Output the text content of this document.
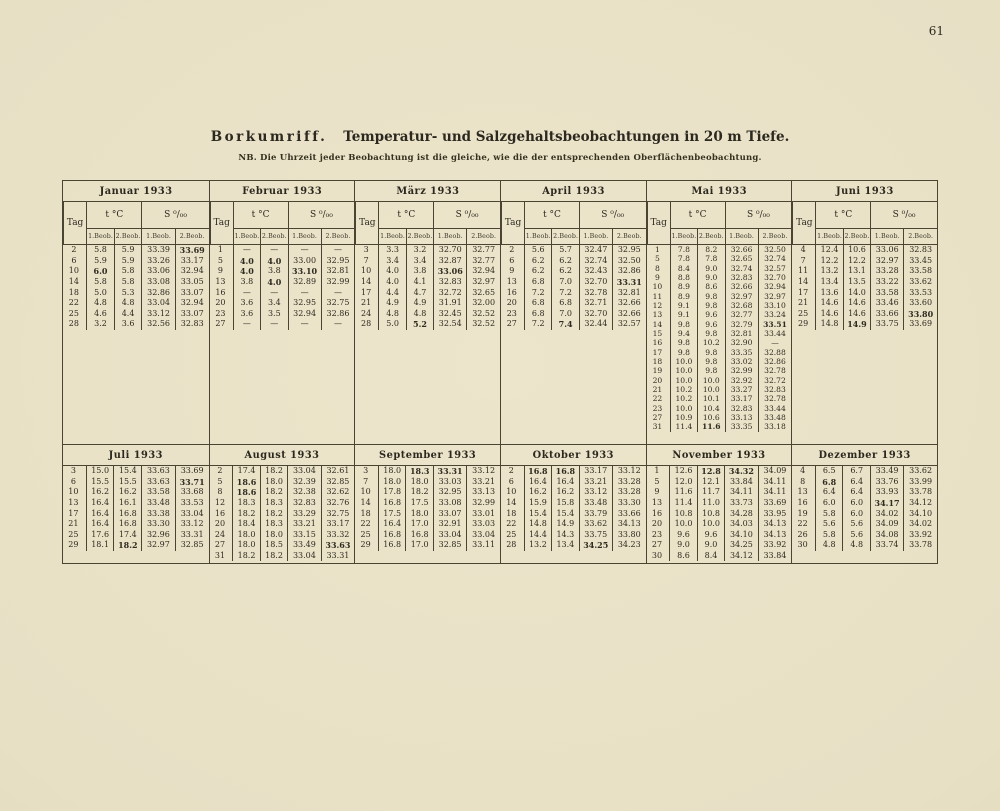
61
Borkumriff. Temperatur- und Salzgehaltsbeobachtungen in 20 m Tiefe.
NB. Die Uhrzeit jeder Beobachtung ist die gleiche, wie die der entsprechenden Oberflächenbeobachtung.
Januar 1933				
Tag	t °C		S ⁰/₀₀	
	1.Beob.	2.Beob.	1.Beob.	2.Beob.
2	5.8	5.9	33.39	33.69
6	5.9	5.9	33.26	33.17
10	6.0	5.8	33.06	32.94
14	5.8	5.8	33.08	33.05
18	5.0	5.3	32.86	33.07
22	4.8	4.8	33.04	32.94
25	4.6	4.4	33.12	33.07
28	3.2	3.6	32.56	32.83
Februar 1933				
Tag	t °C		S ⁰/₀₀	
	1.Beob.	2.Beob.	1.Beob.	2.Beob.
1	—	—	—	—
5	4.0	4.0	33.00	32.95
9	4.0	3.8	33.10	32.81
13	3.8	4.0	32.89	32.99
16	—	—	—	—
20	3.6	3.4	32.95	32.75
23	3.6	3.5	32.94	32.86
27	—	—	—	—
März 1933				
Tag	t °C		S ⁰/₀₀	
	1.Beob.	2.Beob.	1.Beob.	2.Beob.
3	3.3	3.2	32.70	32.77
7	3.4	3.4	32.87	32.77
10	4.0	3.8	33.06	32.94
14	4.0	4.1	32.83	32.97
17	4.4	4.7	32.72	32.65
21	4.9	4.9	31.91	32.00
24	4.8	4.8	32.45	32.52
28	5.0	5.2	32.54	32.52
April 1933				
Tag	t °C		S ⁰/₀₀	
	1.Beob.	2.Beob.	1.Beob.	2.Beob.
2	5.6	5.7	32.47	32.95
6	6.2	6.2	32.74	32.50
9	6.2	6.2	32.43	32.86
13	6.8	7.0	32.70	33.31
16	7.2	7.2	32.78	32.81
20	6.8	6.8	32.71	32.66
23	6.8	7.0	32.70	32.66
27	7.2	7.4	32.44	32.57
Mai 1933				
Tag	t °C		S ⁰/₀₀	
	1.Beob.	2.Beob.	1.Beob.	2.Beob.
1	7.8	8.2	32.66	32.50
5	7.8	7.8	32.65	32.74
8	8.4	9.0	32.74	32.57
9	8.8	9.0	32.83	32.70
10	8.9	8.6	32.66	32.94
11	8.9	9.8	32.97	32.97
12	9.1	9.8	32.68	33.10
13	9.1	9.6	32.77	33.24
14	9.8	9.6	32.79	33.51
15	9.4	9.8	32.81	33.44
16	9.8	10.2	32.90	—
17	9.8	9.8	33.35	32.88
18	10.0	9.8	33.02	32.86
19	10.0	9.8	32.99	32.78
20	10.0	10.0	32.92	32.72
21	10.2	10.0	33.27	32.83
22	10.2	10.1	33.17	32.78
23	10.0	10.4	32.83	33.44
27	10.9	10.6	33.13	33.48
31	11.4	11.6	33.35	33.18
Juni 1933				
Tag	t °C		S ⁰/₀₀	
	1.Beob.	2.Beob.	1.Beob.	2.Beob.
4	12.4	10.6	33.06	32.83
7	12.2	12.2	32.97	33.45
11	13.2	13.1	33.28	33.58
14	13.4	13.5	33.22	33.62
17	13.6	14.0	33.58	33.53
21	14.6	14.6	33.46	33.60
25	14.6	14.6	33.66	33.80
29	14.8	14.9	33.75	33.69
Juli 1933				
3	15.0	15.4	33.63	33.69
6	15.5	15.5	33.63	33.71
10	16.2	16.2	33.58	33.68
13	16.4	16.1	33.48	33.53
17	16.4	16.8	33.38	33.04
21	16.4	16.8	33.30	33.12
25	17.6	17.4	32.96	33.31
29	18.1	18.2	32.97	32.85
August 1933				
2	17.4	18.2	33.04	32.61
5	18.6	18.0	32.39	32.85
8	18.6	18.2	32.38	32.62
12	18.3	18.3	32.83	32.76
16	18.2	18.2	33.29	32.75
20	18.4	18.3	33.21	33.17
24	18.0	18.0	33.15	33.32
27	18.0	18.5	33.49	33.63
31	18.2	18.2	33.04	33.31
September 1933				
3	18.0	18.3	33.31	33.12
7	18.0	18.0	33.03	33.21
10	17.8	18.2	32.95	33.13
14	16.8	17.5	33.08	32.99
18	17.5	18.0	33.07	33.01
22	16.4	17.0	32.91	33.03
25	16.8	16.8	33.04	33.04
29	16.8	17.0	32.85	33.11
Oktober 1933				
2	16.8	16.8	33.17	33.12
6	16.4	16.4	33.21	33.28
10	16.2	16.2	33.12	33.28
14	15.9	15.8	33.48	33.30
18	15.4	15.4	33.79	33.66
22	14.8	14.9	33.62	34.13
25	14.4	14.3	33.75	33.80
28	13.2	13.4	34.25	34.23
November 1933				
1	12.6	12.8	34.32	34.09
5	12.0	12.1	33.84	34.11
9	11.6	11.7	34.11	34.11
13	11.4	11.0	33.73	33.69
16	10.8	10.8	34.28	33.95
20	10.0	10.0	34.03	34.13
23	9.6	9.6	34.10	34.13
27	9.0	9.0	34.25	33.92
30	8.6	8.4	34.12	33.84
Dezember 1933				
4	6.5	6.7	33.49	33.62
8	6.8	6.4	33.76	33.99
13	6.4	6.4	33.93	33.78
16	6.0	6.0	34.17	34.12
19	5.8	6.0	34.02	34.10
22	5.6	5.6	34.09	34.02
26	5.8	5.6	34.08	33.92
30	4.8	4.8	33.74	33.78
